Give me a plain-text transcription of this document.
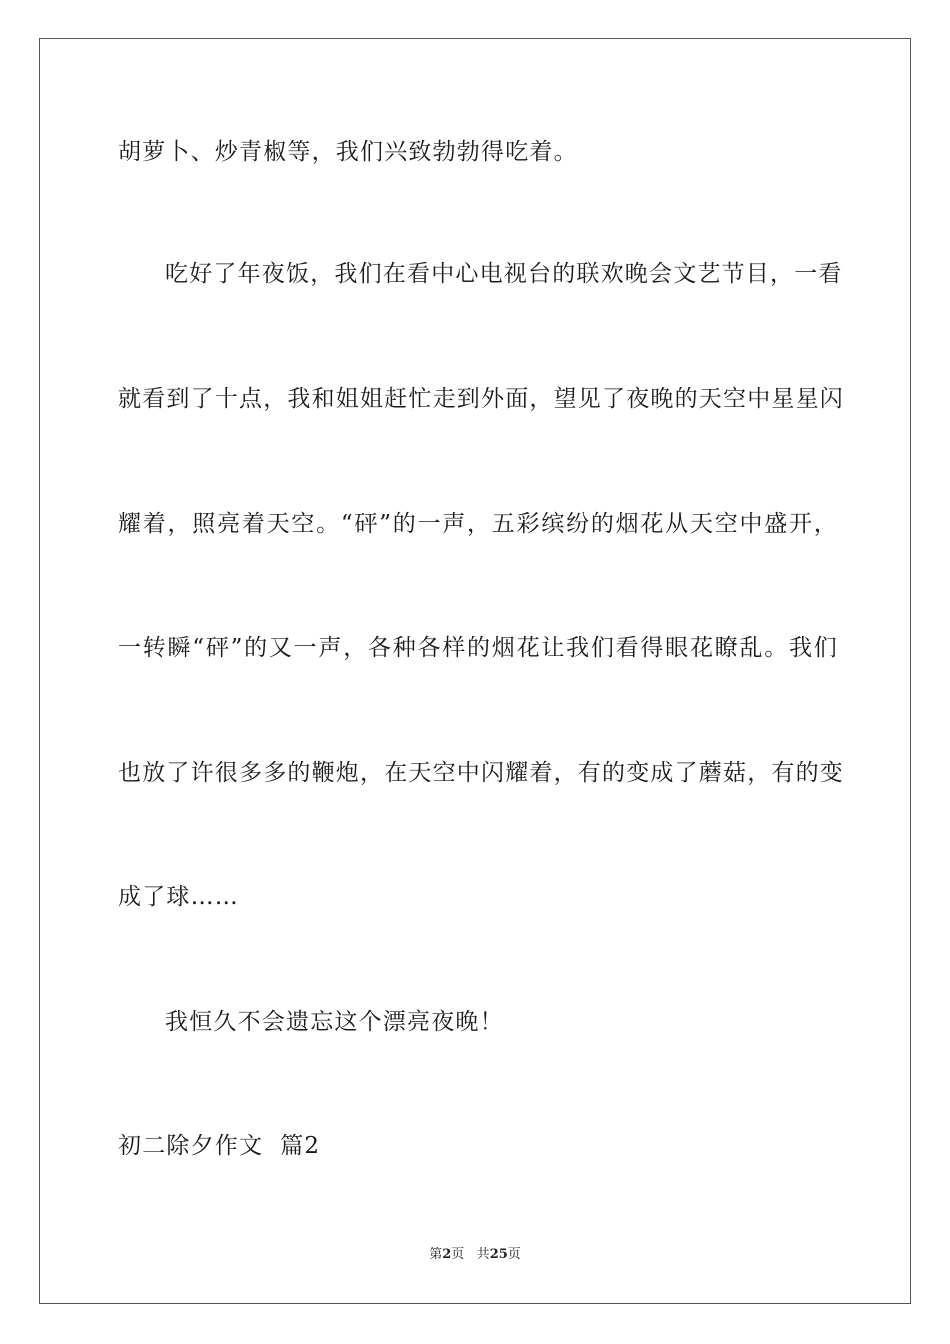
胡萝卜、炒青椒等，我们兴致勃勃得吃着。
吃好了年夜饭，我们在看中心电视台的联欢晚会文艺节目，一看
就看到了十点，我和姐姐赶忙走到外面，望见了夜晚的天空中星星闪
耀着，照亮着天空。“砰”的一声，五彩缤纷的烟花从天空中盛开，
一转瞬“砰”的又一声，各种各样的烟花让我们看得眼花瞭乱。我们
也放了许很多多的鞭炮，在天空中闪耀着，有的变成了蘑菇，有的变
成了球……
我恒久不会遗忘这个漂亮夜晚！
初二除夕作文  篇2
第2页 共25页
